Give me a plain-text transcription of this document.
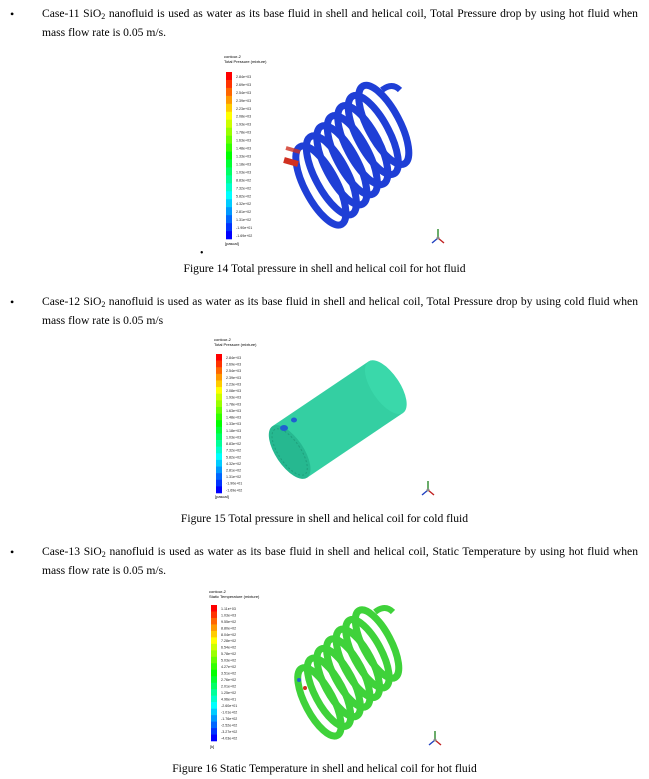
• Case-11 SiO$_2$ nanofluid is used as water as its base fluid in shell and helical coil, Total Pressure drop by using hot fluid when mass flow rate is 0.05 m/s.
contour-2
Total Pressure (mixture)
2.84e+03
2.69e+03
2.54e+03
2.39e+03
2.23e+03
2.08e+03
1.93e+03
1.78e+03
1.63e+03
1.48e+03
1.33e+03
1.18e+03
1.03e+03
8.83e+02
7.32e+02
5.82e+02
4.32e+02
2.81e+02
1.31e+02
-1.90e+01
-1.69e+02
[pascal]
•
Figure 14 Total pressure in shell and helical coil for hot fluid
• Case-12 SiO$_2$ nanofluid is used as water as its base fluid in shell and helical coil, Total Pressure drop by using cold fluid when mass flow rate is 0.05 m/s
contour-2
Total Pressure (mixture)
2.84e+03
2.69e+03
2.54e+03
2.39e+03
2.23e+03
2.08e+03
1.93e+03
1.78e+03
1.63e+03
1.48e+03
1.33e+03
1.18e+03
1.03e+03
8.83e+02
7.32e+02
5.82e+02
4.32e+02
2.81e+02
1.31e+02
-1.90e+01
-1.69e+02
[pascal]
Figure 15 Total pressure in shell and helical coil for cold fluid
• Case-13 SiO$_2$ nanofluid is used as water as its base fluid in shell and helical coil, Static Temperature by using hot fluid when mass flow rate is 0.05 m/s.
contour-2
Static Temperature (mixture)
1.11e+03
1.03e+03
9.55e+02
8.80e+02
8.04e+02
7.28e+02
6.54e+02
5.78e+02
5.03e+02
4.27e+02
3.51e+02
2.76e+02
2.01e+02
1.25e+02
4.96e+01
-2.60e+01
-1.01e+02
-1.76e+02
-2.52e+02
-3.27e+02
-4.03e+02
[k]
Figure 16 Static Temperature in shell and helical coil for hot fluid
